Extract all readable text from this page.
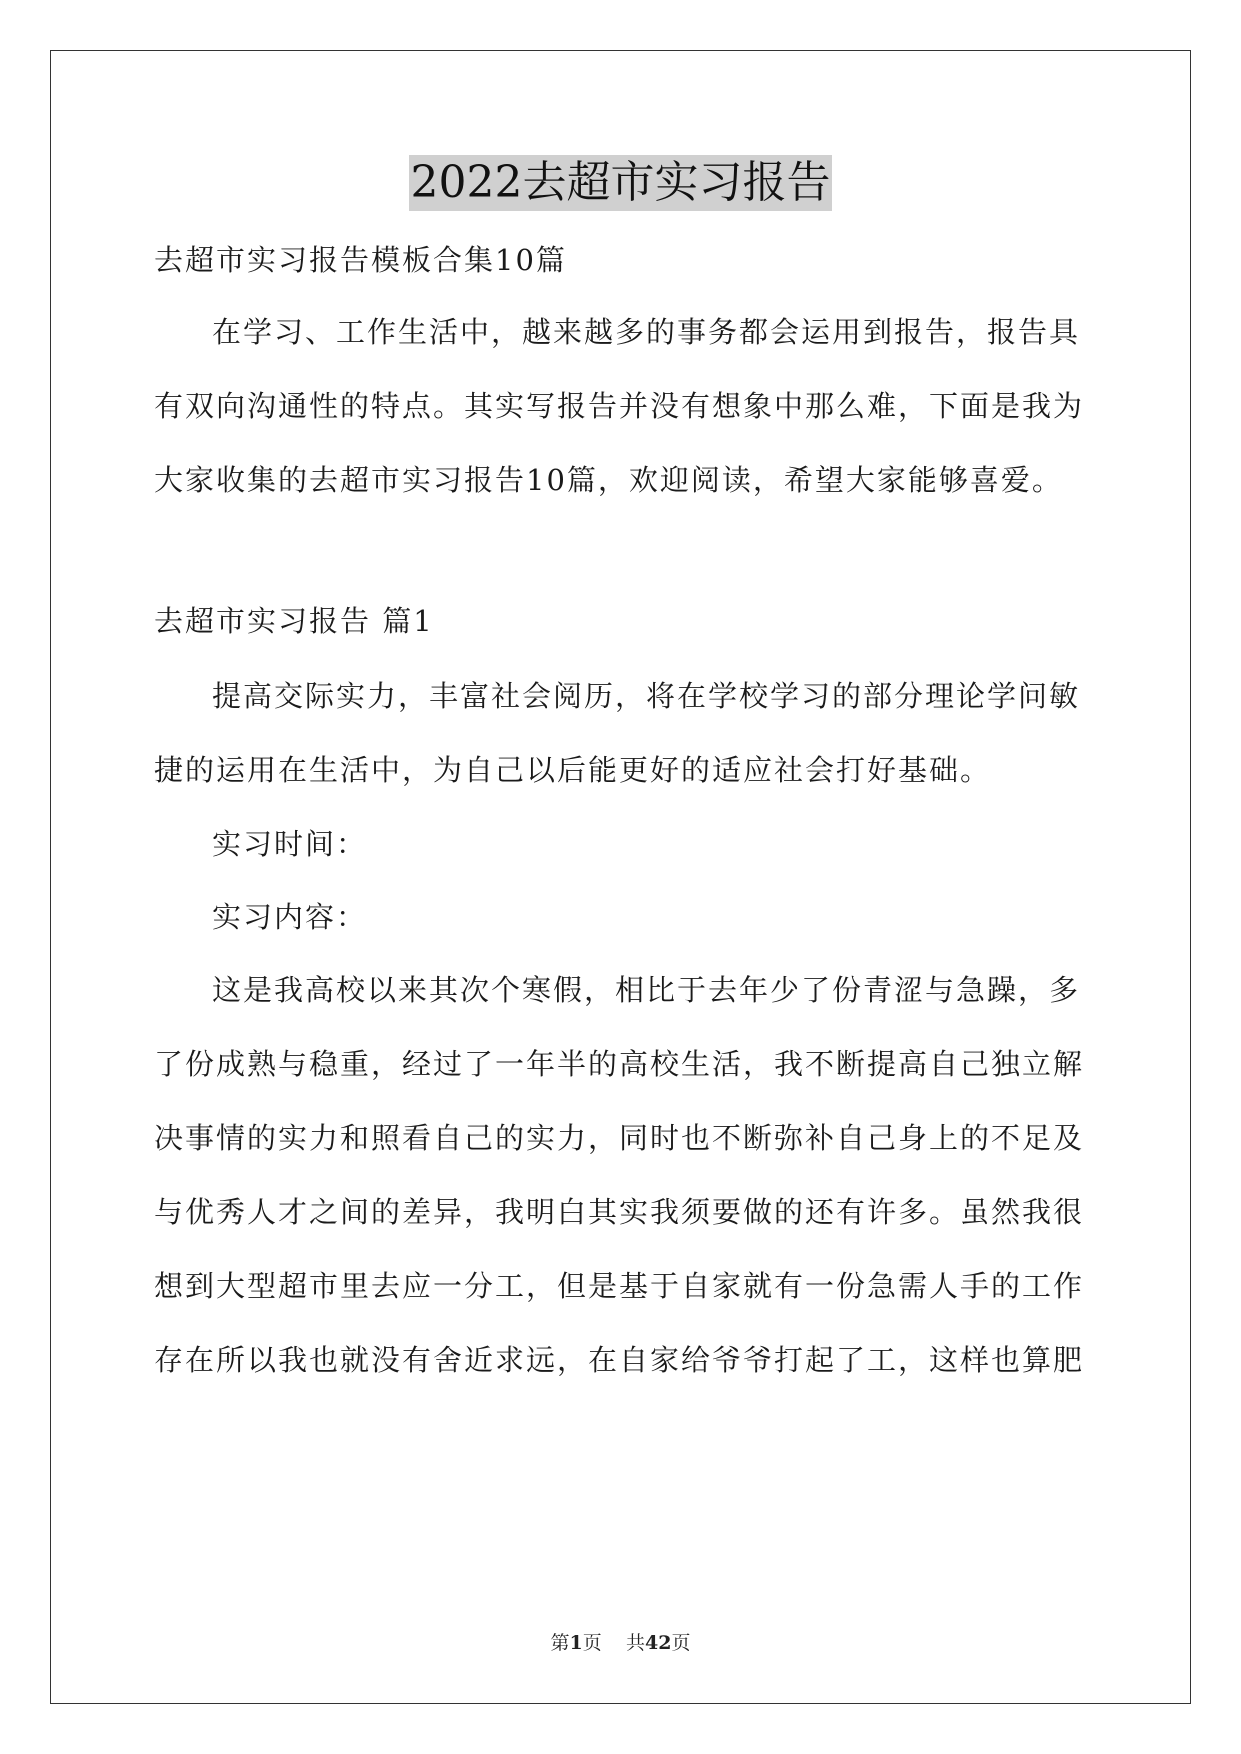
2022去超市实习报告
去超市实习报告模板合集10篇
在学习、工作生活中，越来越多的事务都会运用到报告，报告具
有双向沟通性的特点。其实写报告并没有想象中那么难，下面是我为
大家收集的去超市实习报告10篇，欢迎阅读，希望大家能够喜爱。
去超市实习报告 篇1
提高交际实力，丰富社会阅历，将在学校学习的部分理论学问敏
捷的运用在生活中，为自己以后能更好的适应社会打好基础。
实习时间：
实习内容：
这是我高校以来其次个寒假，相比于去年少了份青涩与急躁，多
了份成熟与稳重，经过了一年半的高校生活，我不断提高自己独立解
决事情的实力和照看自己的实力，同时也不断弥补自己身上的不足及
与优秀人才之间的差异，我明白其实我须要做的还有许多。虽然我很
想到大型超市里去应一分工，但是基于自家就有一份急需人手的工作
存在所以我也就没有舍近求远，在自家给爷爷打起了工，这样也算肥
第1页 共42页
